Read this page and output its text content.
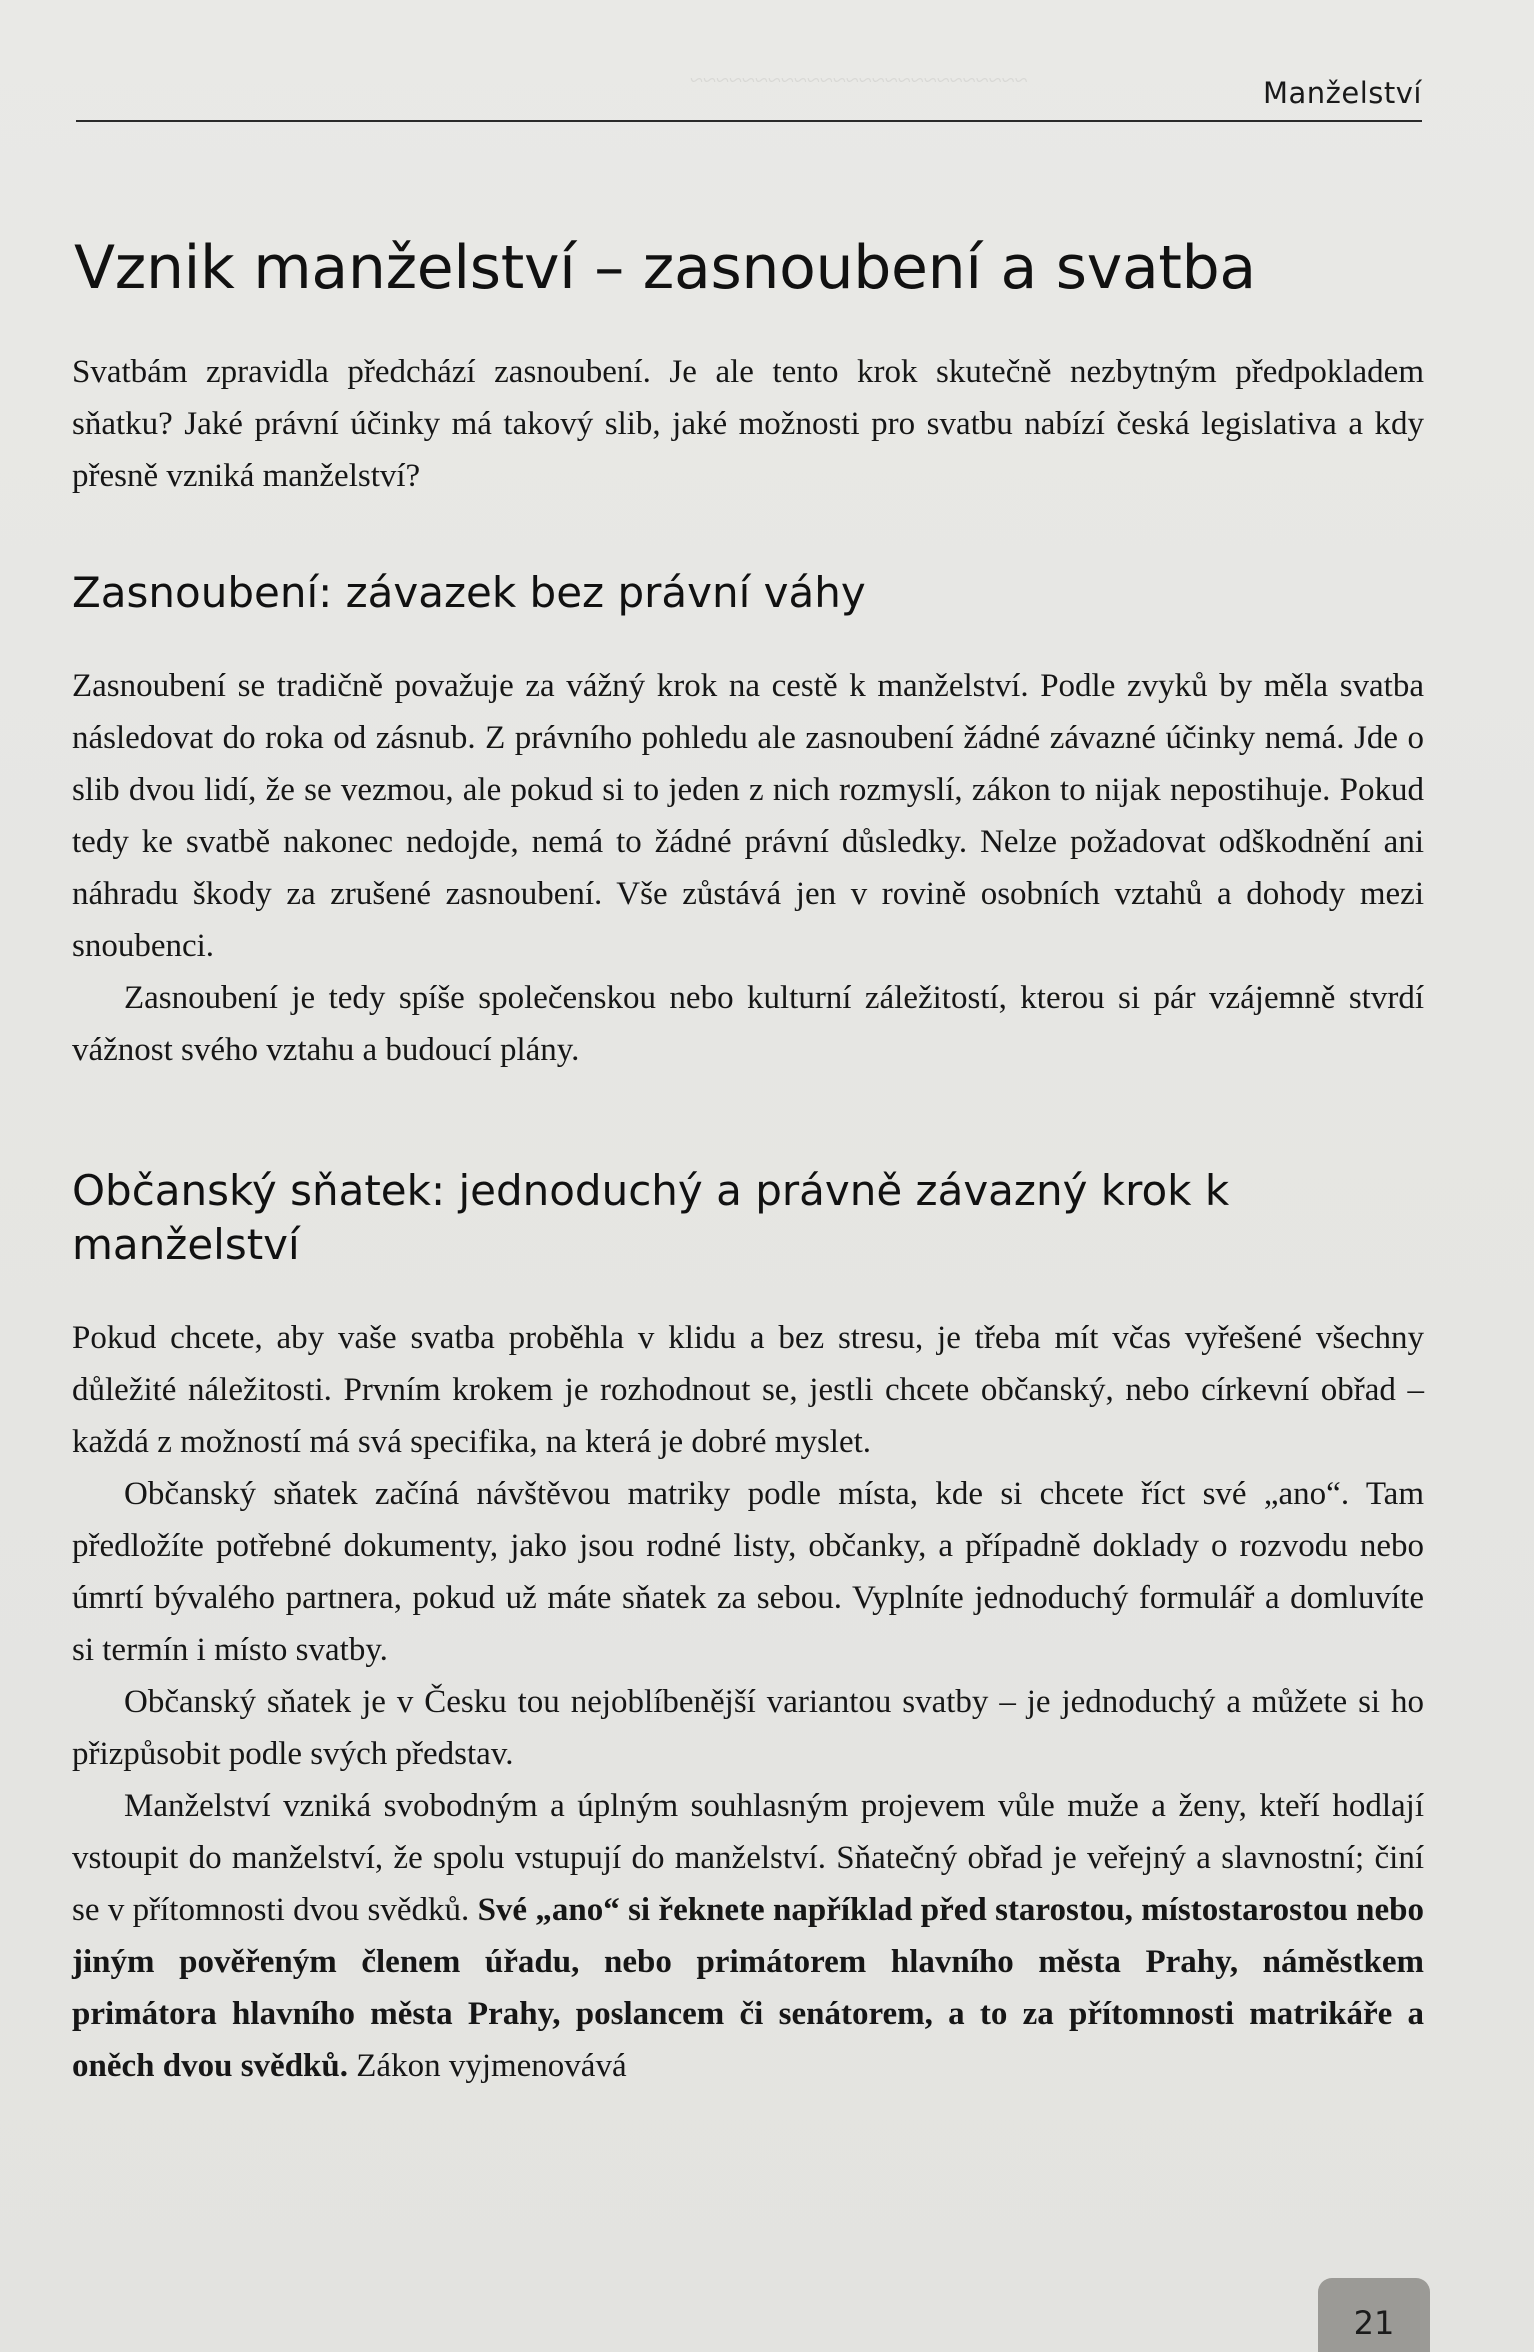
~~~~~~~~~~~~~~~~~~~~~~~~~~	Manželství
Vznik manželství – zasnoubení a svatba

Svatbám zpravidla předchází zasnoubení. Je ale tento krok skutečně nezbytným předpokladem sňatku? Jaké právní účinky má takový slib, jaké možnosti pro svatbu nabízí česká legislativa a kdy přesně vzniká manželství?

Zasnoubení: závazek bez právní váhy

Zasnoubení se tradičně považuje za vážný krok na cestě k manželství. Podle zvyků by měla svatba následovat do roka od zásnub. Z právního pohledu ale zasnoubení žádné závazné účinky nemá. Jde o slib dvou lidí, že se vezmou, ale pokud si to jeden z nich rozmyslí, zákon to nijak nepostihuje. Pokud tedy ke svatbě nakonec nedojde, nemá to žádné právní důsledky. Nelze požadovat odškodnění ani náhradu škody za zrušené zasnoubení. Vše zůstává jen v rovině osobních vztahů a dohody mezi snoubenci.

Zasnoubení je tedy spíše společenskou nebo kulturní záležitostí, kterou si pár vzájemně stvrdí vážnost svého vztahu a budoucí plány.

Občanský sňatek: jednoduchý a právně závazný krok k manželství

Pokud chcete, aby vaše svatba proběhla v klidu a bez stresu, je třeba mít včas vyřešené všechny důležité náležitosti. Prvním krokem je rozhodnout se, jestli chcete občanský, nebo církevní obřad – každá z možností má svá specifika, na která je dobré myslet.

Občanský sňatek začíná návštěvou matriky podle místa, kde si chcete říct své „ano“. Tam předložíte potřebné dokumenty, jako jsou rodné listy, občanky, a případně doklady o rozvodu nebo úmrtí bývalého partnera, pokud už máte sňatek za sebou. Vyplníte jednoduchý formulář a domluvíte si termín i místo svatby.

Občanský sňatek je v Česku tou nejoblíbenější variantou svatby – je jednoduchý a můžete si ho přizpůsobit podle svých představ.

Manželství vzniká svobodným a úplným souhlasným projevem vůle muže a ženy, kteří hodlají vstoupit do manželství, že spolu vstupují do manželství. Sňatečný obřad je veřejný a slavnostní; činí se v přítomnosti dvou svědků. Své „ano“ si řeknete například před starostou, místostarostou nebo jiným pověřeným členem úřadu, nebo primátorem hlavního města Prahy, náměstkem primátora hlavního města Prahy, poslancem či senátorem, a to za přítomnosti matrikáře a oněch dvou svědků. Zákon vyjmenovává

21
